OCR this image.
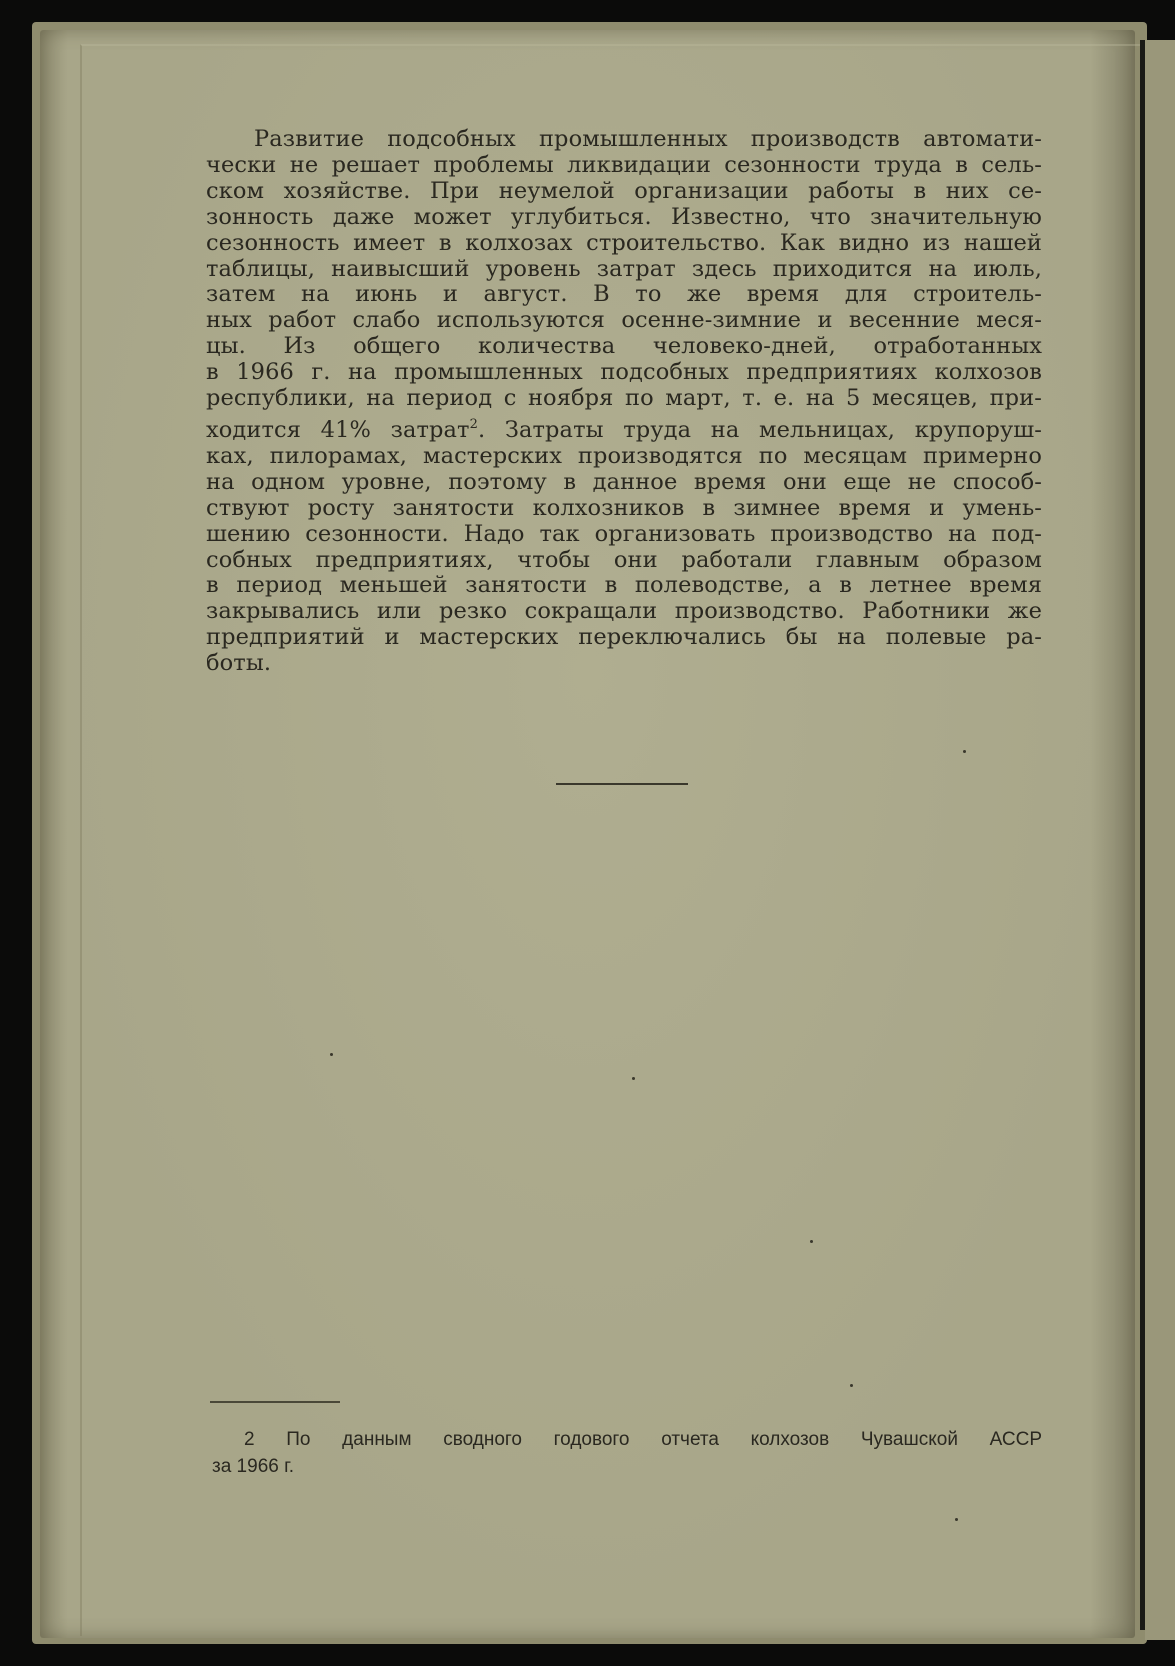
Развитие подсобных промышленных производств автомати-
чески не решает проблемы ликвидации сезонности труда в сель-
ском хозяйстве. При неумелой организации работы в них се-
зонность даже может углубиться. Известно, что значительную
сезонность имеет в колхозах строительство. Как видно из нашей
таблицы, наивысший уровень затрат здесь приходится на июль,
затем на июнь и август. В то же время для строитель-
ных работ слабо используются осенне-зимние и весенние меся-
цы. Из общего количества человеко-дней, отработанных
в 1966 г. на промышленных подсобных предприятиях колхозов
республики, на период с ноября по март, т. е. на 5 месяцев, при-
ходится 41% затрат$^2$. Затраты труда на мельницах, крупоруш-
ках, пилорамах, мастерских производятся по месяцам примерно
на одном уровне, поэтому в данное время они еще не способ-
ствуют росту занятости колхозников в зимнее время и умень-
шению сезонности. Надо так организовать производство на под-
собных предприятиях, чтобы они работали главным образом
в период меньшей занятости в полеводстве, а в летнее время
закрывались или резко сокращали производство. Работники же
предприятий и мастерских переключались бы на полевые ра-
боты.
2 По данным сводного годового отчета колхозов Чувашской АССР
за 1966 г.
